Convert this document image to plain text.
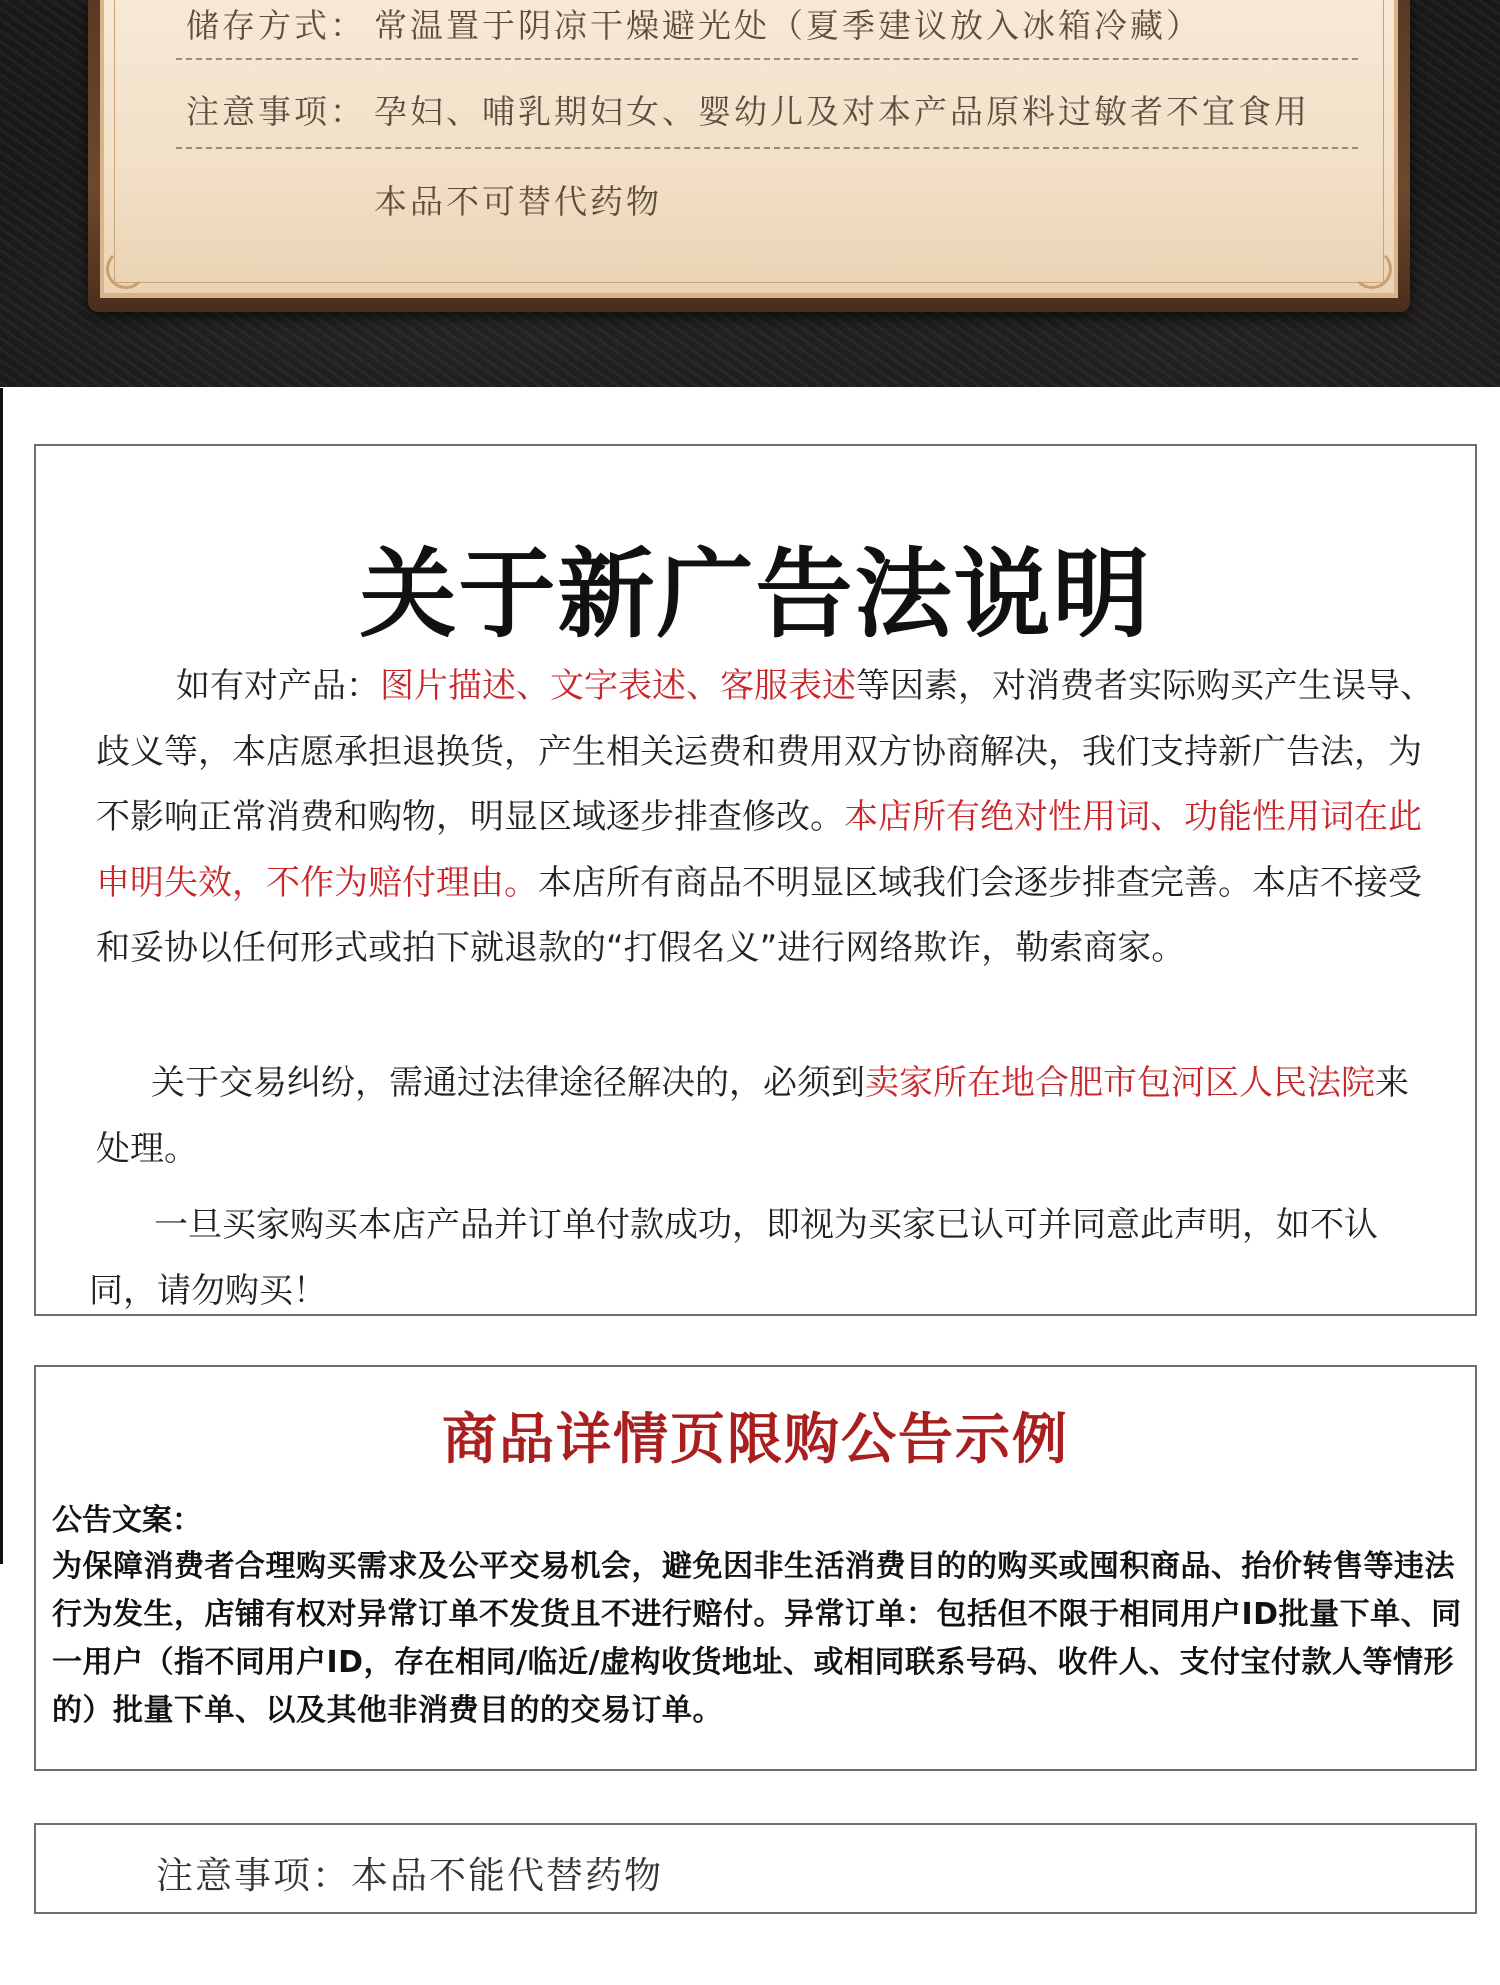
储存方式： 常温置于阴凉干燥避光处（夏季建议放入冰箱冷藏）
注意事项： 孕妇、哺乳期妇女、婴幼儿及对本产品原料过敏者不宜食用
本品不可替代药物
关于新广告法说明

如有对产品：图片描述、文字表述、客服表述等因素，对消费者实际购买产生误导、歧义等，本店愿承担退换货，产生相关运费和费用双方协商解决，我们支持新广告法，为不影响正常消费和购物，明显区域逐步排查修改。本店所有绝对性用词、功能性用词在此申明失效，不作为赔付理由。本店所有商品不明显区域我们会逐步排查完善。本店不接受和妥协以任何形式或拍下就退款的“打假名义”进行网络欺诈，勒索商家。

关于交易纠纷，需通过法律途径解决的，必须到卖家所在地合肥市包河区人民法院来处理。

一旦买家购买本店产品并订单付款成功，即视为买家已认可并同意此声明，如不认同，请勿购买！

商品详情页限购公告示例
公告文案：

为保障消费者合理购买需求及公平交易机会，避免因非生活消费目的的购买或囤积商品、抬价转售等违法行为发生，店铺有权对异常订单不发货且不进行赔付。异常订单：包括但不限于相同用户ID批量下单、同一用户（指不同用户ID，存在相同/临近/虚构收货地址、或相同联系号码、收件人、支付宝付款人等情形的）批量下单、以及其他非消费目的的交易订单。

注意事项：本品不能代替药物
